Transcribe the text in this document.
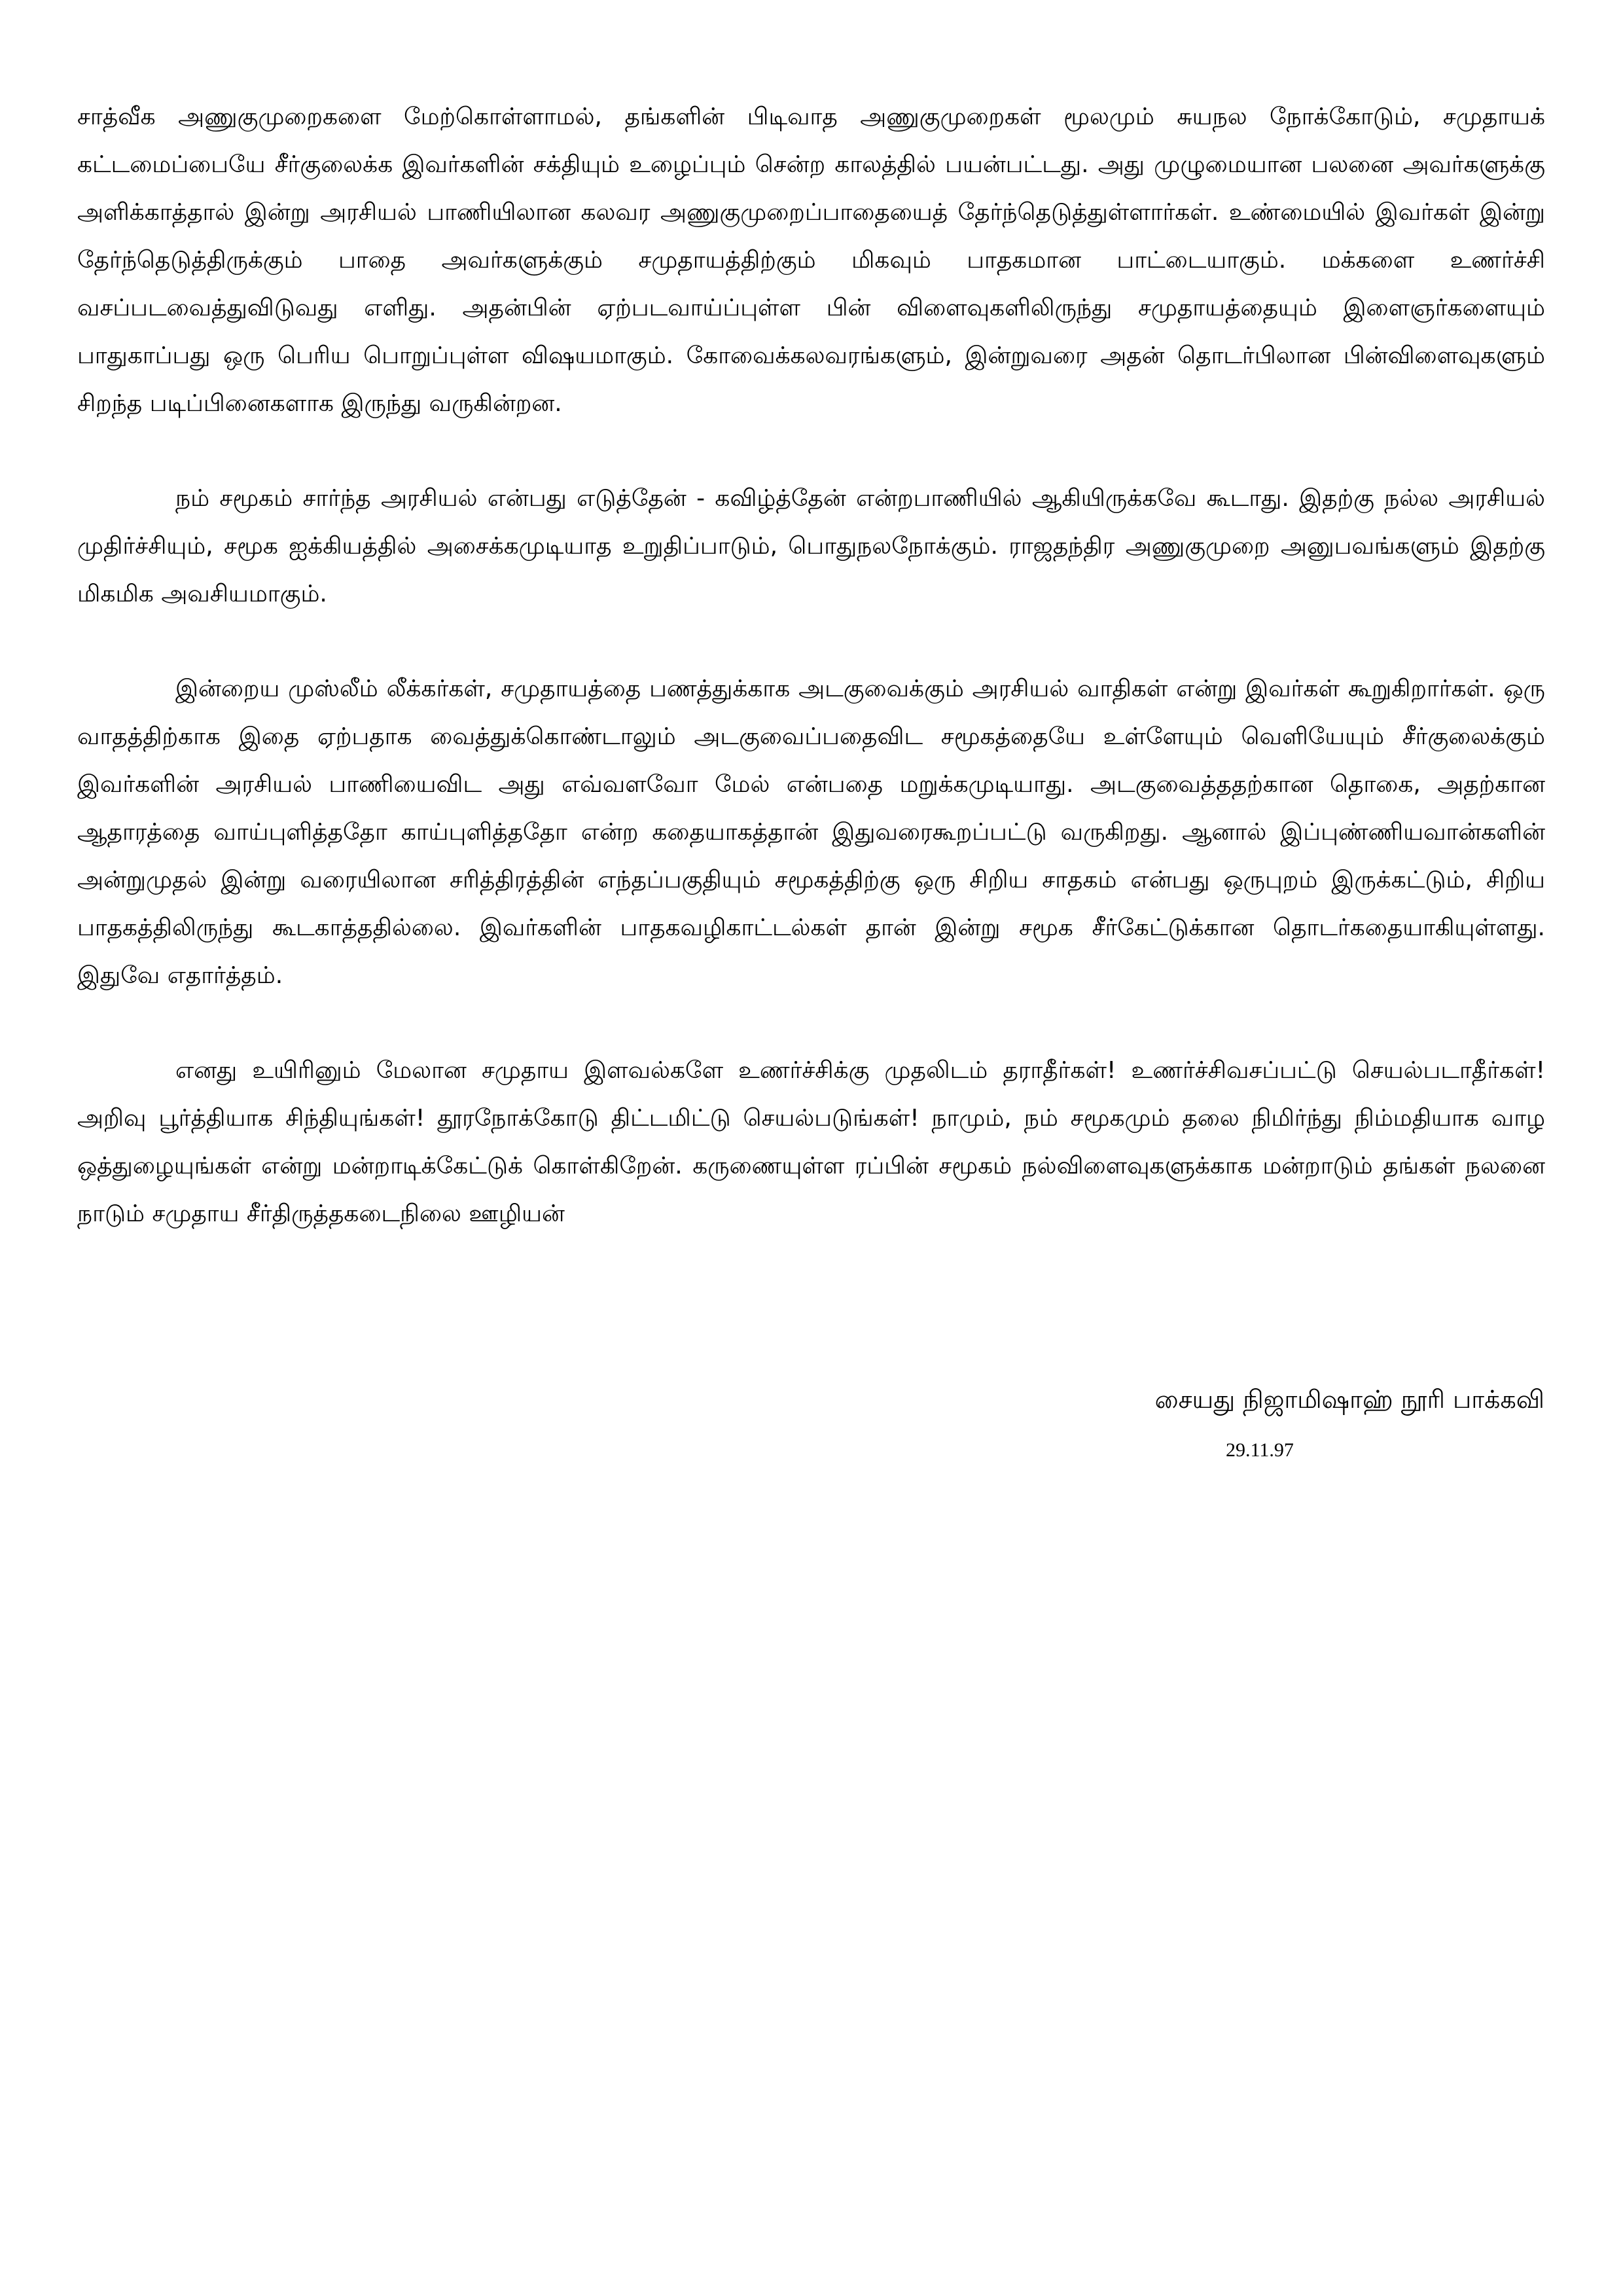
சாத்வீக அணுகுமுறைகளை மேற்கொள்ளாமல், தங்களின் பிடிவாத அணுகுமுறைகள் மூலமும் சுயநல நோக்கோடும், சமுதாயக் கட்டமைப்பையே சீர்குலைக்க இவர்களின் சக்தியும் உழைப்பும் சென்ற காலத்தில் பயன்பட்டது. அது முழுமையான பலனை அவர்களுக்கு அளிக்காத்தால் இன்று அரசியல் பாணியிலான கலவர அணுகுமுறைப்பாதையைத் தேர்ந்தெடுத்துள்ளார்கள். உண்மையில் இவர்கள் இன்று தேர்ந்தெடுத்திருக்கும் பாதை அவர்களுக்கும் சமுதாயத்திற்கும் மிகவும் பாதகமான பாட்டையாகும். மக்களை உணர்ச்சி வசப்படவைத்துவிடுவது எளிது. அதன்பின் ஏற்படவாய்ப்புள்ள பின் விளைவுகளிலிருந்து சமுதாயத்தையும் இளைஞர்களையும் பாதுகாப்பது ஒரு பெரிய பொறுப்புள்ள விஷயமாகும். கோவைக்கலவரங்களும், இன்றுவரை அதன் தொடர்பிலான பின்விளைவுகளும் சிறந்த படிப்பினைகளாக இருந்து வருகின்றன.

நம் சமூகம் சார்ந்த அரசியல் என்பது எடுத்தேன் - கவிழ்த்தேன் என்றபாணியில் ஆகியிருக்கவே கூடாது. இதற்கு நல்ல அரசியல் முதிர்ச்சியும், சமூக ஐக்கியத்தில் அசைக்கமுடியாத உறுதிப்பாடும், பொதுநலநோக்கும். ராஜதந்திர அணுகுமுறை அனுபவங்களும் இதற்கு மிகமிக அவசியமாகும்.

இன்றைய முஸ்லீம் லீக்கர்கள், சமுதாயத்தை பணத்துக்காக அடகுவைக்கும் அரசியல் வாதிகள் என்று இவர்கள் கூறுகிறார்கள். ஒரு வாதத்திற்காக இதை ஏற்பதாக வைத்துக்கொண்டாலும் அடகுவைப்பதைவிட சமூகத்தையே உள்ளேயும் வெளியேயும் சீர்குலைக்கும் இவர்களின் அரசியல் பாணியைவிட அது எவ்வளவோ மேல் என்பதை மறுக்கமுடியாது. அடகுவைத்ததற்கான தொகை, அதற்கான ஆதாரத்தை வாய்புளித்ததோ காய்புளித்ததோ என்ற கதையாகத்தான் இதுவரைகூறப்பட்டு வருகிறது. ஆனால் இப்புண்ணியவான்களின் அன்றுமுதல் இன்று வரையிலான சரித்திரத்தின் எந்தப்பகுதியும் சமூகத்திற்கு ஒரு சிறிய சாதகம் என்பது ஒருபுறம் இருக்கட்டும், சிறிய பாதகத்திலிருந்து கூடகாத்ததில்லை. இவர்களின் பாதகவழிகாட்டல்கள் தான் இன்று சமூக சீர்கேட்டுக்கான தொடர்கதையாகியுள்ளது. இதுவே எதார்த்தம்.

எனது உயிரினும் மேலான சமுதாய இளவல்களே உணர்ச்சிக்கு முதலிடம் தராதீர்கள்! உணர்ச்சிவசப்பட்டு செயல்படாதீர்கள்! அறிவு பூர்த்தியாக சிந்தியுங்கள்! தூரநோக்கோடு திட்டமிட்டு செயல்படுங்கள்! நாமும், நம் சமூகமும் தலை நிமிர்ந்து நிம்மதியாக வாழ ஒத்துழையுங்கள் என்று மன்றாடிக்கேட்டுக் கொள்கிறேன். கருணையுள்ள ரப்பின் சமூகம் நல்விளைவுகளுக்காக மன்றாடும் தங்கள் நலனை நாடும் சமுதாய சீர்திருத்தகடைநிலை ஊழியன்

சையது நிஜாமிஷாஹ் நூரி பாக்கவி
29.11.97
